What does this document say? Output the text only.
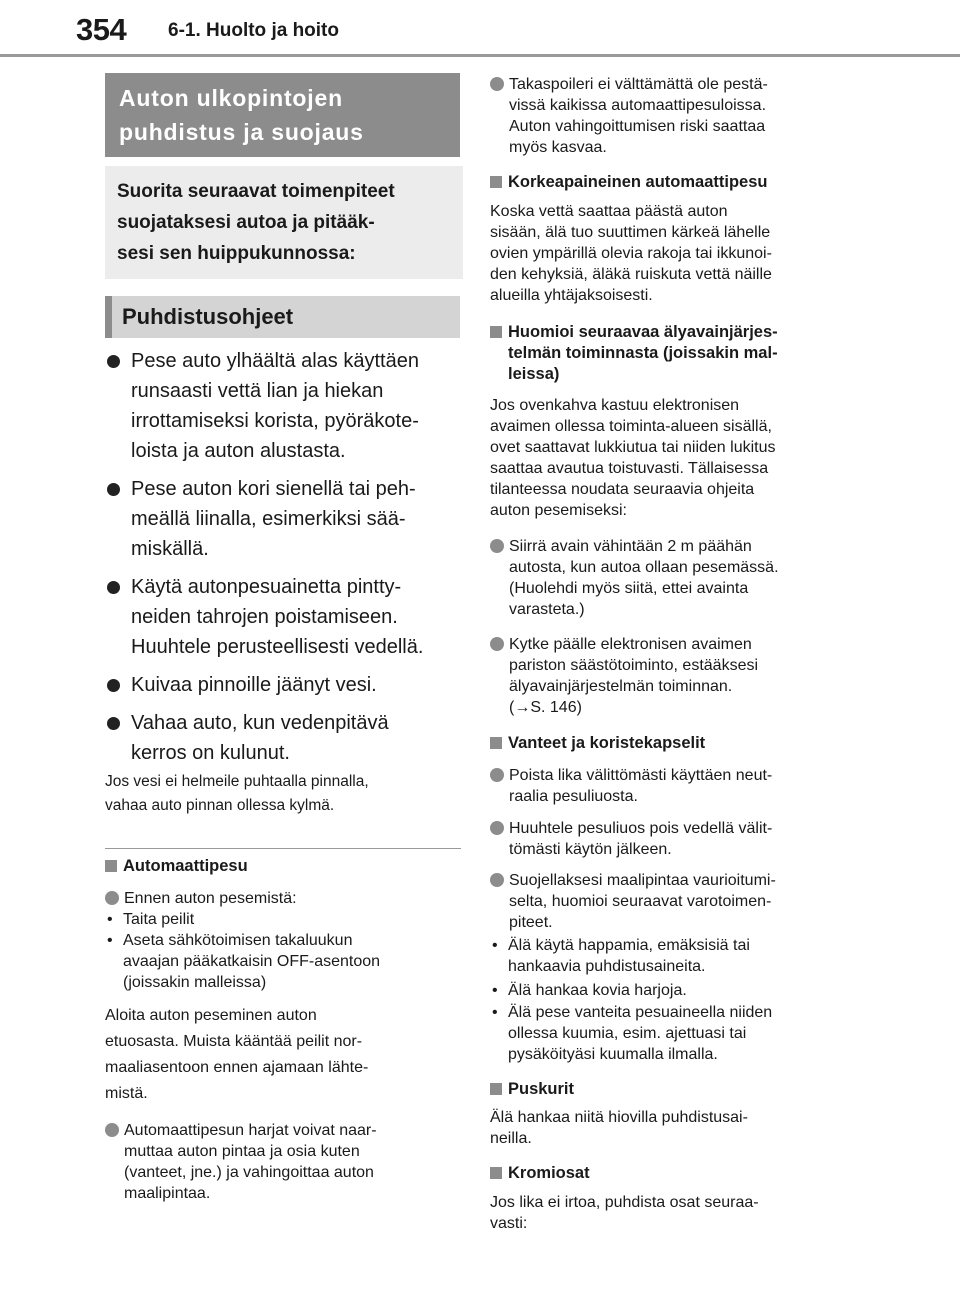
354 6-1. Huolto ja hoito
Auton ulkopintojen
puhdistus ja suojaus
Suorita seuraavat toimenpiteet
suojataksesi autoa ja pitääk-
sesi sen huippukunnossa:
Puhdistusohjeet
Pese auto ylhäältä alas käyttäen
runsaasti vettä lian ja hiekan
irrottamiseksi korista, pyöräkote-
loista ja auton alustasta.
Pese auton kori sienellä tai peh-
meällä liinalla, esimerkiksi sää-
miskällä.
Käytä autonpesuainetta pintty-
neiden tahrojen poistamiseen.
Huuhtele perusteellisesti vedellä.
Kuivaa pinnoille jäänyt vesi.
Vahaa auto, kun vedenpitävä
kerros on kulunut.
Jos vesi ei helmeile puhtaalla pinnalla,
vahaa auto pinnan ollessa kylmä.
Automaattipesu
Ennen auton pesemistä:
• Taita peilit
• Aseta sähkötoimisen takaluukun
avaajan pääkatkaisin OFF-asentoon
(joissakin malleissa)
Aloita auton peseminen auton
etuosasta. Muista kääntää peilit nor-
maaliasentoon ennen ajamaan lähte-
mistä.
Automaattipesun harjat voivat naar-
muttaa auton pintaa ja osia kuten
(vanteet, jne.) ja vahingoittaa auton
maalipintaa.
Takaspoileri ei välttämättä ole pestä-
vissä kaikissa automaattipesuloissa.
Auton vahingoittumisen riski saattaa
myös kasvaa.
Korkeapaineinen automaattipesu
Koska vettä saattaa päästä auton
sisään, älä tuo suuttimen kärkeä lähelle
ovien ympärillä olevia rakoja tai ikkunoi-
den kehyksiä, äläkä ruiskuta vettä näille
alueilla yhtäjaksoisesti.
Huomioi seuraavaa älyavainjärjes-
telmän toiminnasta (joissakin mal-
leissa)
Jos ovenkahva kastuu elektronisen
avaimen ollessa toiminta-alueen sisällä,
ovet saattavat lukkiutua tai niiden lukitus
saattaa avautua toistuvasti. Tällaisessa
tilanteessa noudata seuraavia ohjeita
auton pesemiseksi:
Siirrä avain vähintään 2 m päähän
autosta, kun autoa ollaan pesemässä.
(Huolehdi myös siitä, ettei avainta
varasteta.)
Kytke päälle elektronisen avaimen
pariston säästötoiminto, estääksesi
älyavainjärjestelmän toiminnan.
(→S. 146)
Vanteet ja koristekapselit
Poista lika välittömästi käyttäen neut-
raalia pesuliuosta.
Huuhtele pesuliuos pois vedellä välit-
tömästi käytön jälkeen.
Suojellaksesi maalipintaa vaurioitumi-
selta, huomioi seuraavat varotoimen-
piteet.
• Älä käytä happamia, emäksisiä tai
hankaavia puhdistusaineita.
• Älä hankaa kovia harjoja.
• Älä pese vanteita pesuaineella niiden
ollessa kuumia, esim. ajettuasi tai
pysäköityäsi kuumalla ilmalla.
Puskurit
Älä hankaa niitä hiovilla puhdistusai-
neilla.
Kromiosat
Jos lika ei irtoa, puhdista osat seuraa-
vasti:
